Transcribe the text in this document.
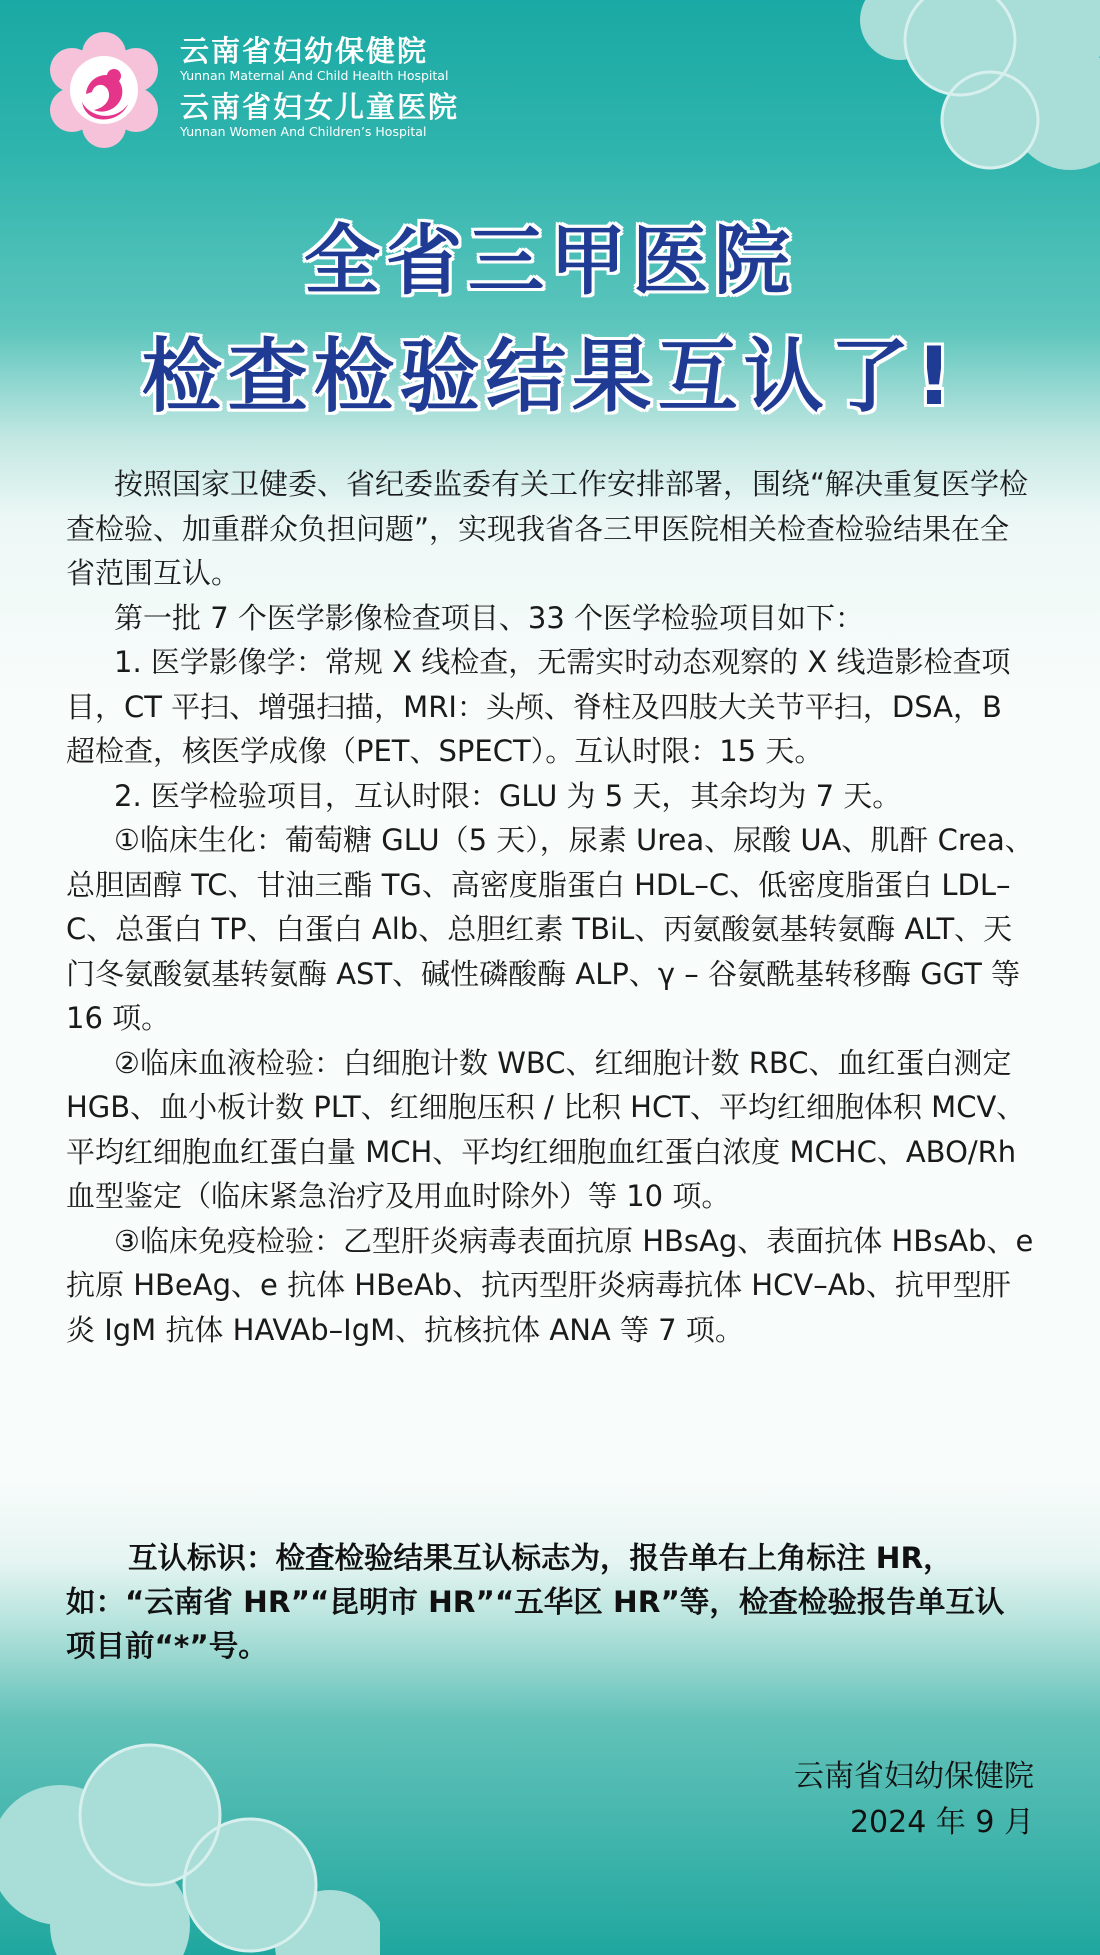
云南省妇幼保健院
Yunnan Maternal And Child Health Hospital
云南省妇女儿童医院
Yunnan Women And Children’s Hospital
全省三甲医院
检查检验结果互认了!

按照国家卫健委、省纪委监委有关工作安排部署，围绕“解决重复医学检查检验、加重群众负担问题”，实现我省各三甲医院相关检查检验结果在全省范围互认。

第一批 7 个医学影像检查项目、33 个医学检验项目如下：

1. 医学影像学：常规 X 线检查，无需实时动态观察的 X 线造影检查项目，CT 平扫、增强扫描，MRI：头颅、脊柱及四肢大关节平扫，DSA，B 超检查，核医学成像（PET、SPECT）。互认时限：15 天。

2. 医学检验项目，互认时限：GLU 为 5 天，其余均为 7 天。

①临床生化：葡萄糖 GLU（5 天），尿素 Urea、尿酸 UA、肌酐 Crea、总胆固醇 TC、甘油三酯 TG、高密度脂蛋白 HDL–C、低密度脂蛋白 LDL–C、总蛋白 TP、白蛋白 Alb、总胆红素 TBiL、丙氨酸氨基转氨酶 ALT、天门冬氨酸氨基转氨酶 AST、碱性磷酸酶 ALP、γ – 谷氨酰基转移酶 GGT 等 16 项。

②临床血液检验：白细胞计数 WBC、红细胞计数 RBC、血红蛋白测定 HGB、血小板计数 PLT、红细胞压积 / 比积 HCT、平均红细胞体积 MCV、平均红细胞血红蛋白量 MCH、平均红细胞血红蛋白浓度 MCHC、ABO/Rh 血型鉴定（临床紧急治疗及用血时除外）等 10 项。

③临床免疫检验：乙型肝炎病毒表面抗原 HBsAg、表面抗体 HBsAb、e 抗原 HBeAg、e 抗体 HBeAb、抗丙型肝炎病毒抗体 HCV–Ab、抗甲型肝炎 IgM 抗体 HAVAb–IgM、抗核抗体 ANA 等 7 项。

互认标识：检查检验结果互认标志为，报告单右上角标注 HR，如：“云南省 HR”“昆明市 HR”“五华区 HR”等，检查检验报告单互认项目前“*”号。

云南省妇幼保健院
2024 年 9 月
